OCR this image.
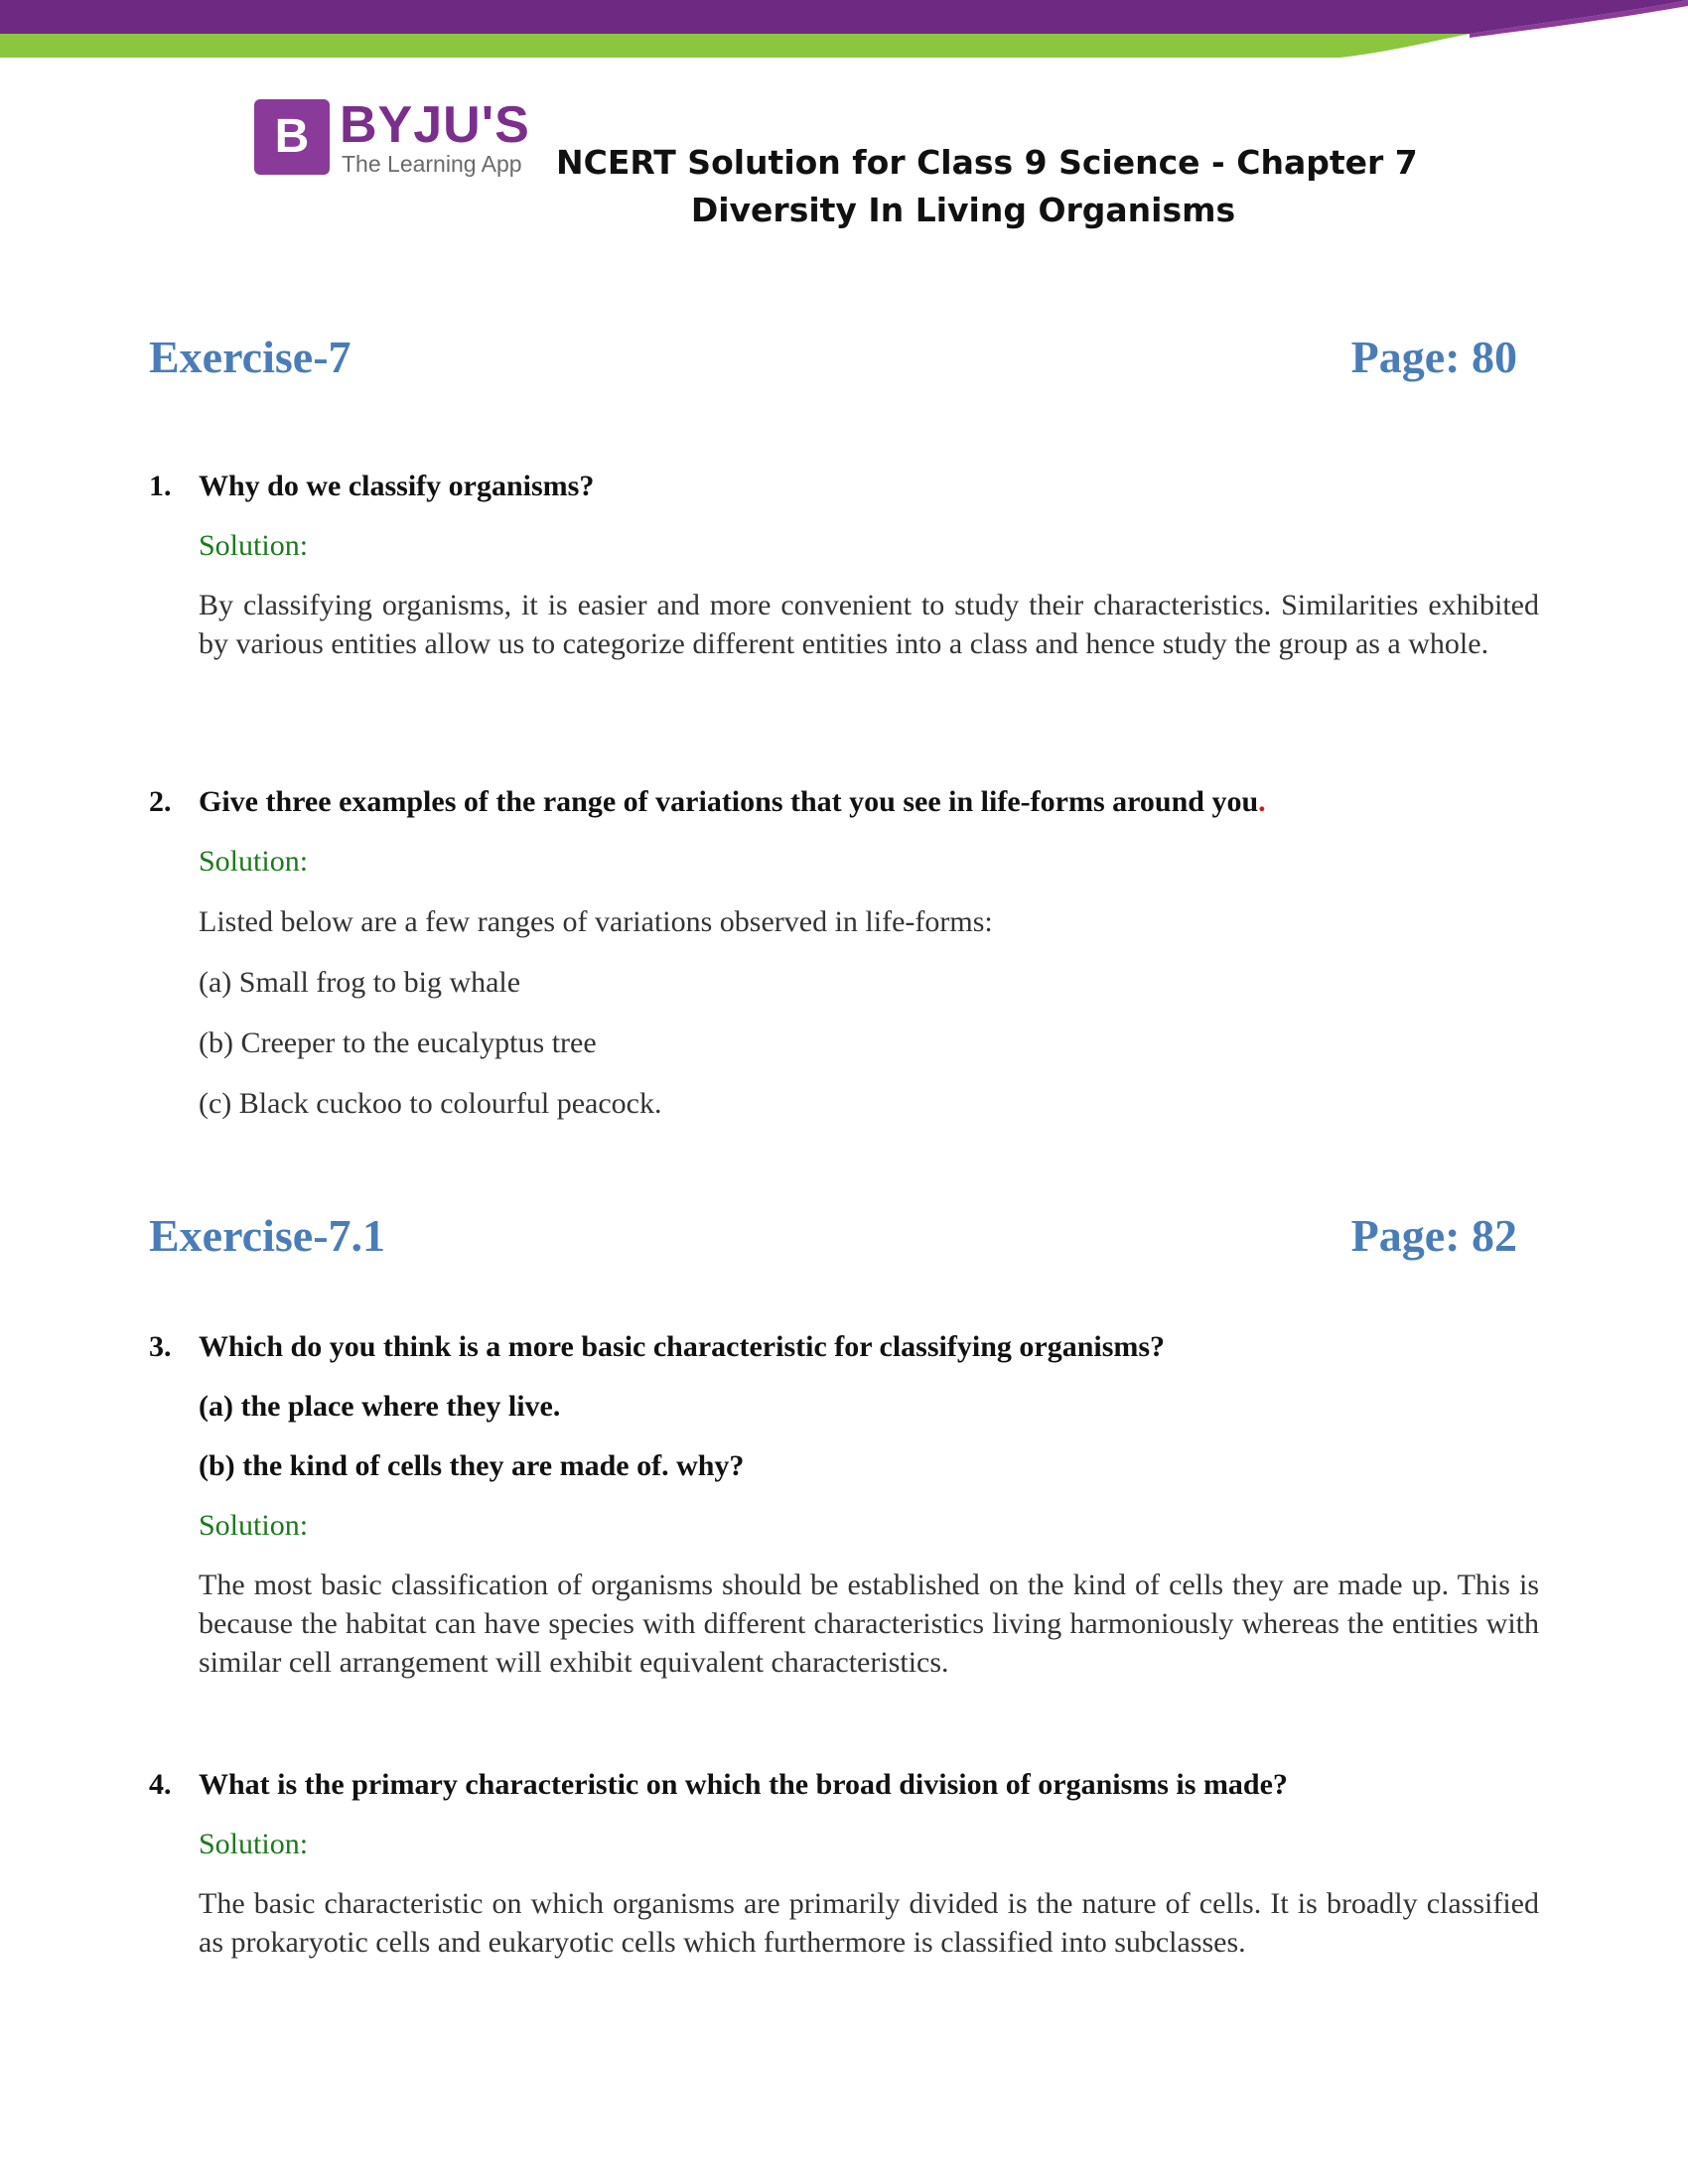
B BYJU'S
The Learning App NCERT Solution for Class 9 Science - Chapter 7
Diversity In Living Organisms
Exercise-7	Page: 80
1. Why do we classify organisms?
Solution:
By classifying organisms, it is easier and more convenient to study their characteristics. Similarities exhibited by various entities allow us to categorize different entities into a class and hence study the group as a whole.
2. Give three examples of the range of variations that you see in life-forms around you.
Solution:
Listed below are a few ranges of variations observed in life-forms:
(a) Small frog to big whale
(b) Creeper to the eucalyptus tree
(c) Black cuckoo to colourful peacock.
Exercise-7.1	Page: 82
3. Which do you think is a more basic characteristic for classifying organisms?
(a) the place where they live.
(b) the kind of cells they are made of. why?
Solution:
The most basic classification of organisms should be established on the kind of cells they are made up. This is because the habitat can have species with different characteristics living harmoniously whereas the entities with similar cell arrangement will exhibit equivalent characteristics.
4. What is the primary characteristic on which the broad division of organisms is made?
Solution:
The basic characteristic on which organisms are primarily divided is the nature of cells. It is broadly classified as prokaryotic cells and eukaryotic cells which furthermore is classified into subclasses.
